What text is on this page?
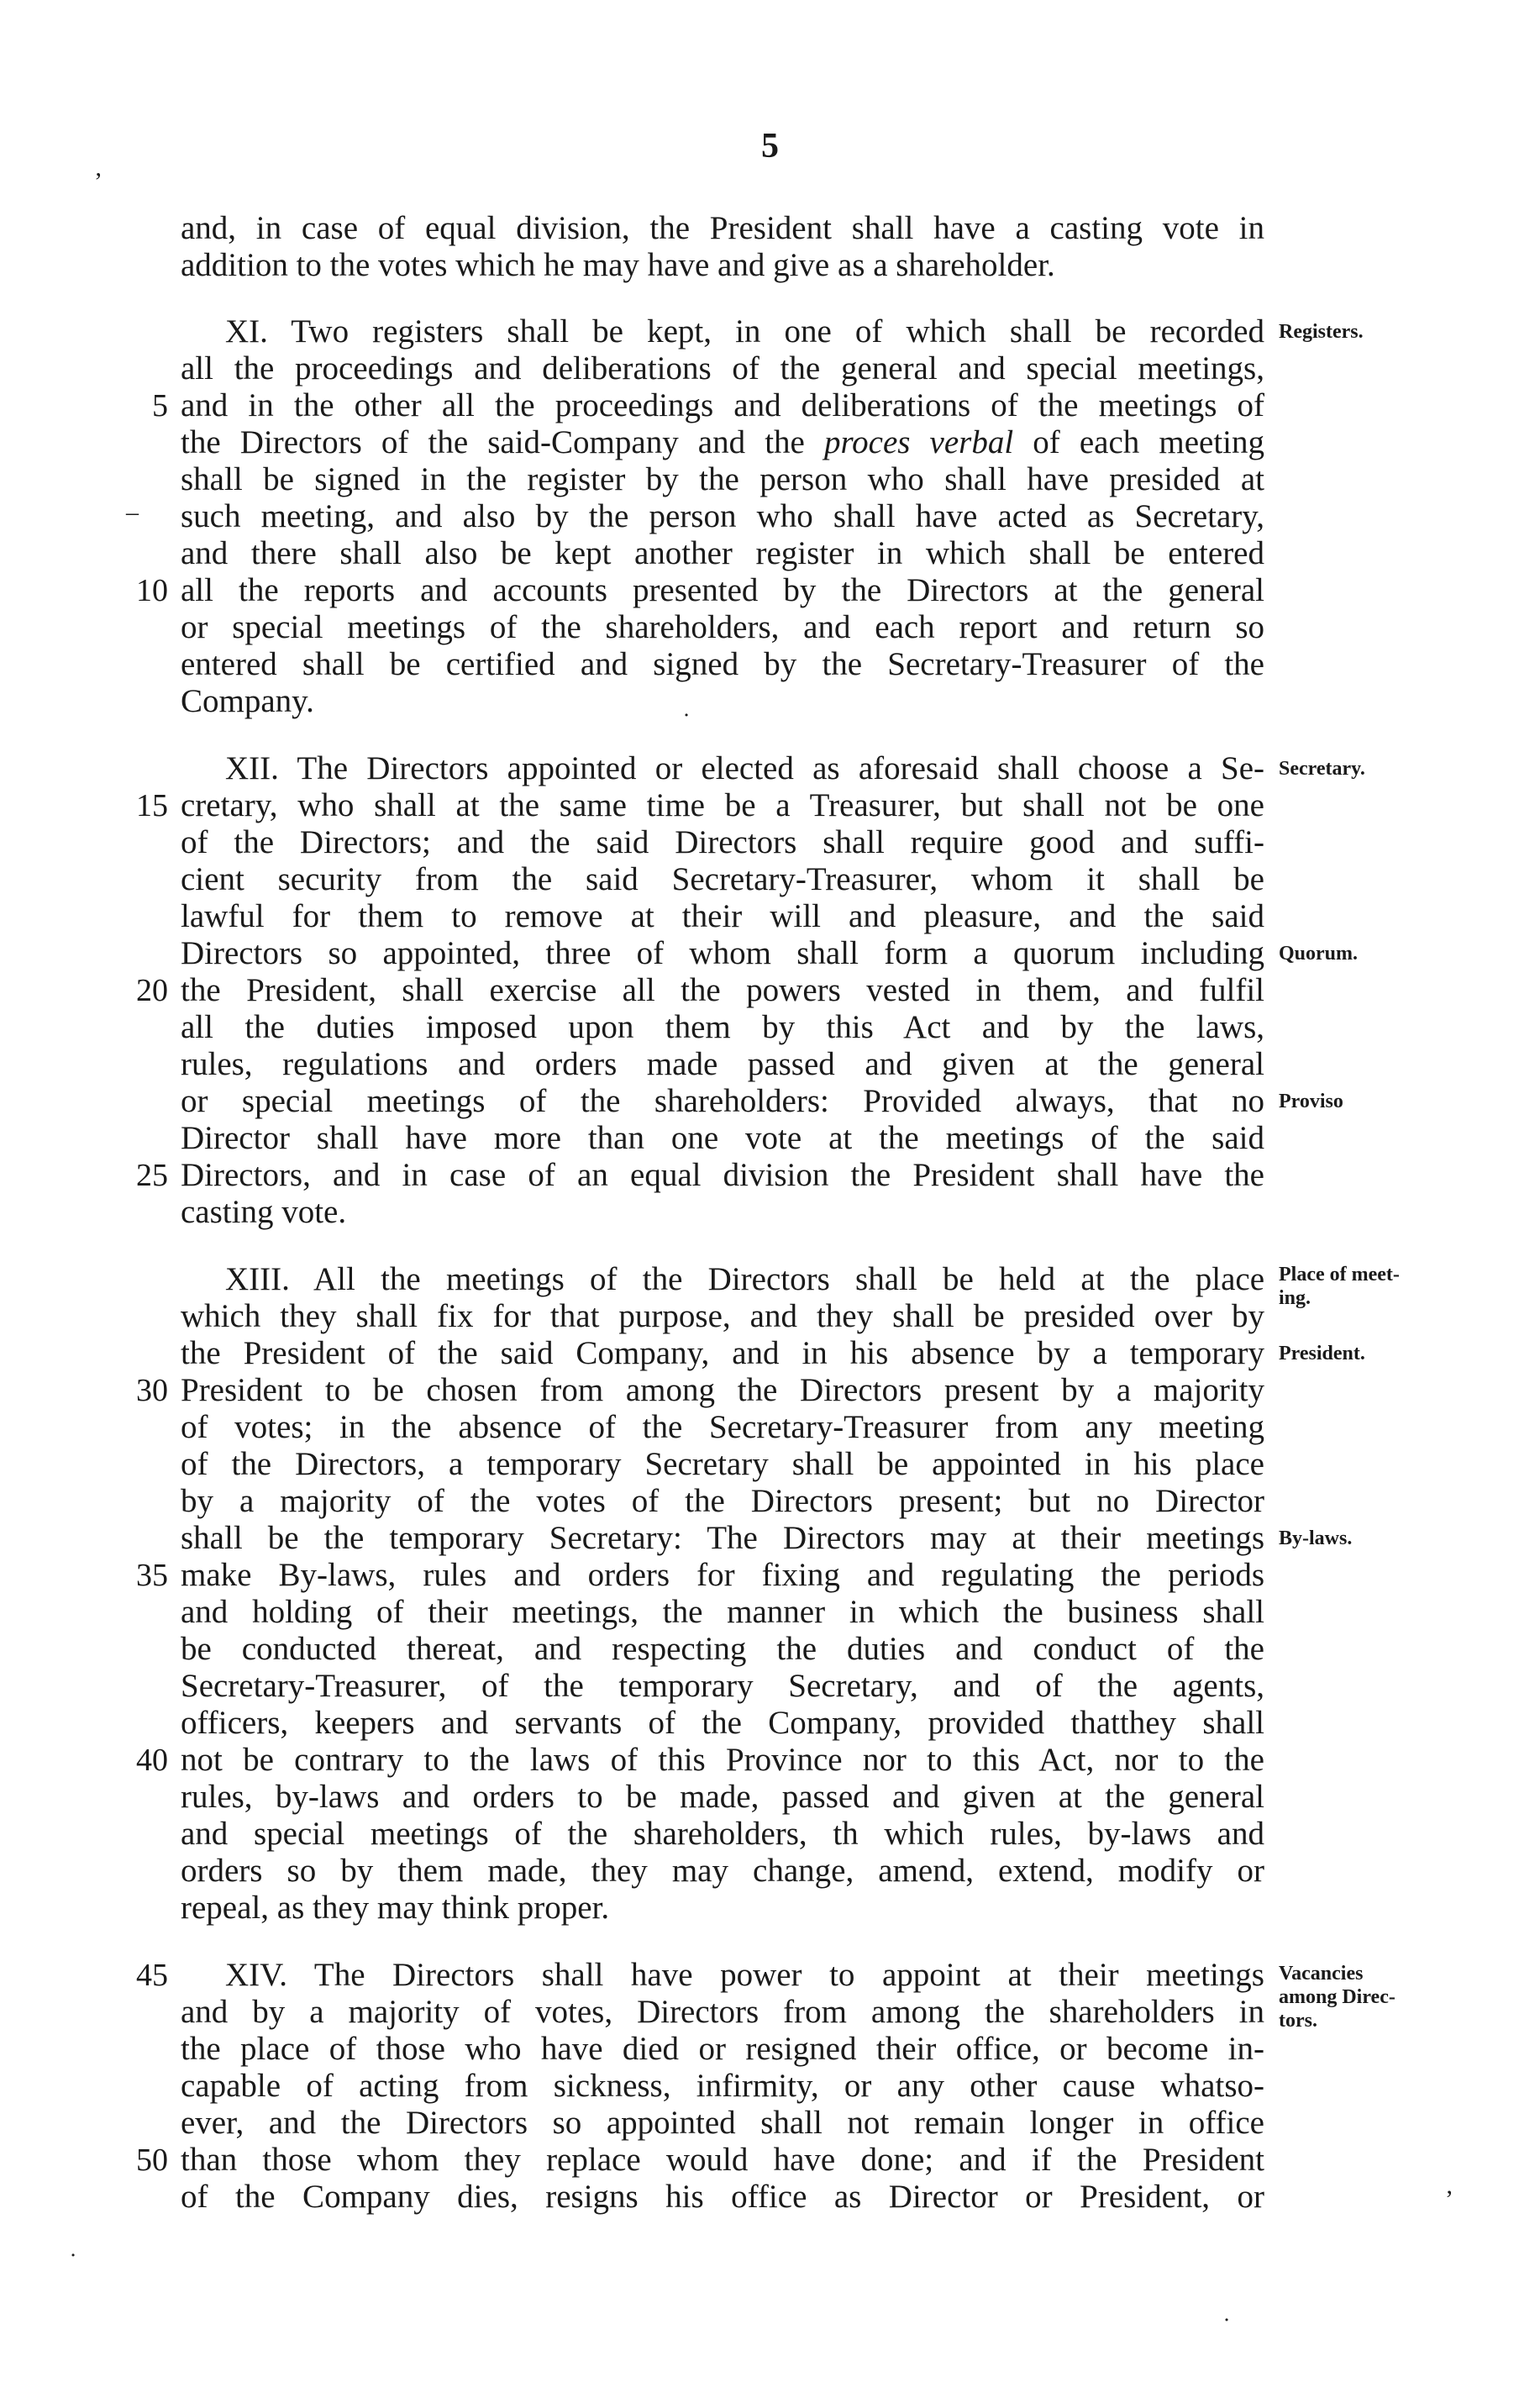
5
and, in case of equal division, the President shall have a casting vote in
addition to the votes which he may have and give as a shareholder.
XI. Two registers shall be kept, in one of which shall be recorded
all the proceedings and deliberations of the general and special meetings,
and in the other all the proceedings and deliberations of the meetings of
the Directors of the said-Company and the proces verbal of each meeting
shall be signed in the register by the person who shall have presided at
such meeting, and also by the person who shall have acted as Secretary,
and there shall also be kept another register in which shall be entered
all the reports and accounts presented by the Directors at the general
or special meetings of the shareholders, and each report and return so
entered shall be certified and signed by the Secretary-Treasurer of the
Company.
XII. The Directors appointed or elected as aforesaid shall choose a Se-
cretary, who shall at the same time be a Treasurer, but shall not be one
of the Directors; and the said Directors shall require good and suffi-
cient security from the said Secretary-Treasurer, whom it shall be
lawful for them to remove at their will and pleasure, and the said
Directors so appointed, three of whom shall form a quorum including
the President, shall exercise all the powers vested in them, and fulfil
all the duties imposed upon them by this Act and by the laws,
rules, regulations and orders made passed and given at the general
or special meetings of the shareholders: Provided always, that no
Director shall have more than one vote at the meetings of the said
Directors, and in case of an equal division the President shall have the
casting vote.
XIII. All the meetings of the Directors shall be held at the place
which they shall fix for that purpose, and they shall be presided over by
the President of the said Company, and in his absence by a temporary
President to be chosen from among the Directors present by a majority
of votes; in the absence of the Secretary-Treasurer from any meeting
of the Directors, a temporary Secretary shall be appointed in his place
by a majority of the votes of the Directors present; but no Director
shall be the temporary Secretary: The Directors may at their meetings
make By-laws, rules and orders for fixing and regulating the periods
and holding of their meetings, the manner in which the business shall
be conducted thereat, and respecting the duties and conduct of the
Secretary-Treasurer, of the temporary Secretary, and of the agents,
officers, keepers and servants of the Company, provided thatthey shall
not be contrary to the laws of this Province nor to this Act, nor to the
rules, by-laws and orders to be made, passed and given at the general
and special meetings of the shareholders, th which rules, by-laws and
orders so by them made, they may change, amend, extend, modify or
repeal, as they may think proper.
XIV. The Directors shall have power to appoint at their meetings
and by a majority of votes, Directors from among the shareholders in
the place of those who have died or resigned their office, or become in-
capable of acting from sickness, infirmity, or any other cause whatso-
ever, and the Directors so appointed shall not remain longer in office
than those whom they replace would have done; and if the President
of the Company dies, resigns his office as Director or President, or
5
10
15
20
25
30
35
40
45
50
Registers.
Secretary.
Quorum.
Proviso
Place of meet-
ing.
President.
By-laws.
Vacancies
among Direc-
tors.
‚
–
˙
’
˙
˙
